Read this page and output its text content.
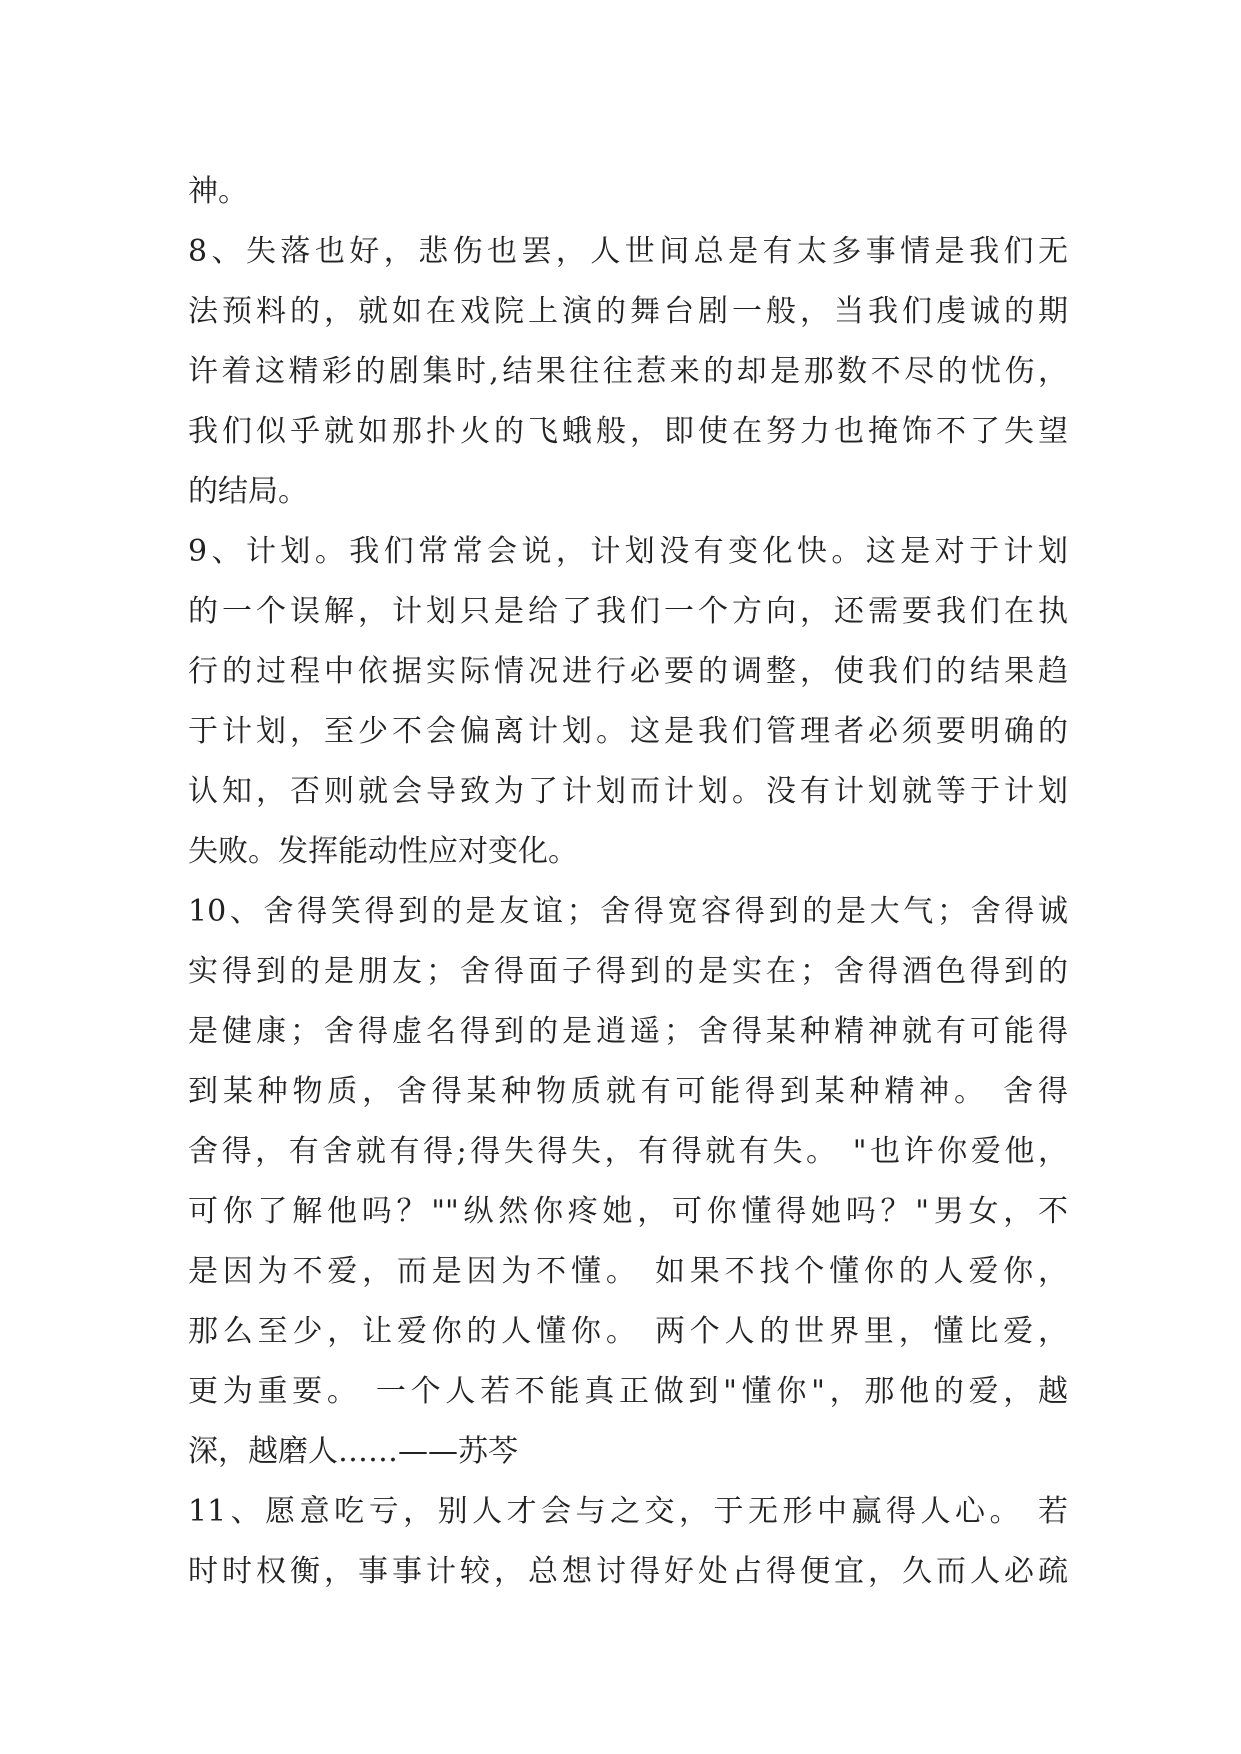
神。
8、失落也好，悲伤也罢，人世间总是有太多事情是我们无
法预料的，就如在戏院上演的舞台剧一般，当我们虔诚的期
许着这精彩的剧集时,结果往往惹来的却是那数不尽的忧伤，
我们似乎就如那扑火的飞蛾般，即使在努力也掩饰不了失望
的结局。
9、计划。我们常常会说，计划没有变化快。这是对于计划
的一个误解，计划只是给了我们一个方向，还需要我们在执
行的过程中依据实际情况进行必要的调整，使我们的结果趋
于计划，至少不会偏离计划。这是我们管理者必须要明确的
认知，否则就会导致为了计划而计划。没有计划就等于计划
失败。发挥能动性应对变化。
10、舍得笑得到的是友谊；舍得宽容得到的是大气；舍得诚
实得到的是朋友；舍得面子得到的是实在；舍得酒色得到的
是健康；舍得虚名得到的是逍遥；舍得某种精神就有可能得
到某种物质，舍得某种物质就有可能得到某种精神。 舍得
舍得，有舍就有得;得失得失，有得就有失。 "也许你爱他，
可你了解他吗？""纵然你疼她，可你懂得她吗？"男女，不
是因为不爱，而是因为不懂。 如果不找个懂你的人爱你，
那么至少，让爱你的人懂你。 两个人的世界里，懂比爱，
更为重要。 一个人若不能真正做到"懂你"，那他的爱，越
深，越磨人……——苏芩
11、愿意吃亏，别人才会与之交，于无形中赢得人心。 若
时时权衡，事事计较，总想讨得好处占得便宜，久而人必疏
